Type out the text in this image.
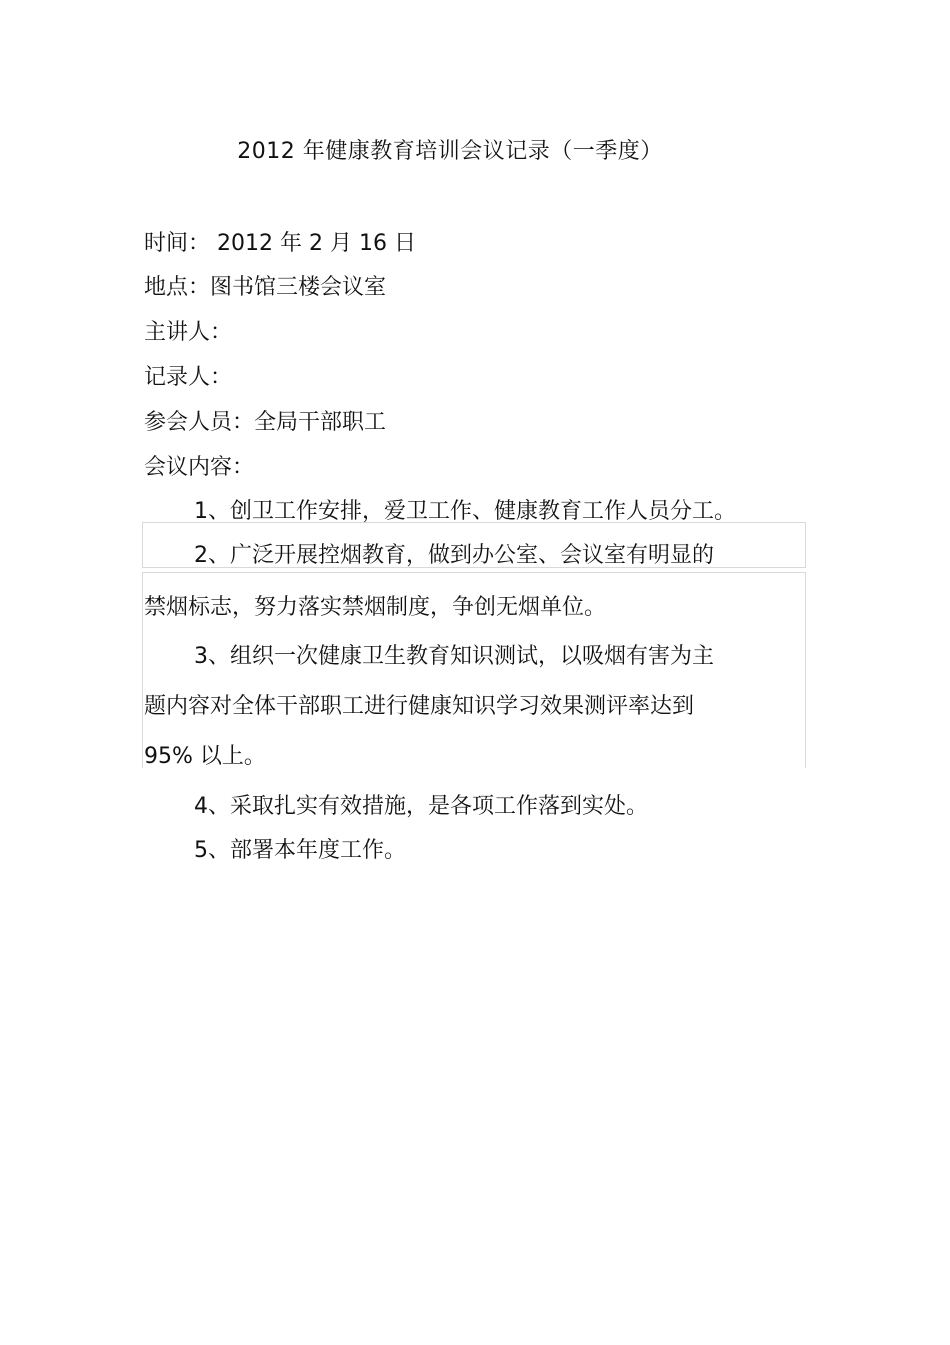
2012 年健康教育培训会议记录（一季度）
时间： 2012 年 2 月 16 日
地点：图书馆三楼会议室
主讲人：
记录人：
参会人员：全局干部职工
会议内容：
1、创卫工作安排，爱卫工作、健康教育工作人员分工。
2、广泛开展控烟教育，做到办公室、会议室有明显的
禁烟标志，努力落实禁烟制度，争创无烟单位。
3、组织一次健康卫生教育知识测试，以吸烟有害为主
题内容对全体干部职工进行健康知识学习效果测评率达到
95% 以上。
4、采取扎实有效措施，是各项工作落到实处。
5、部署本年度工作。
